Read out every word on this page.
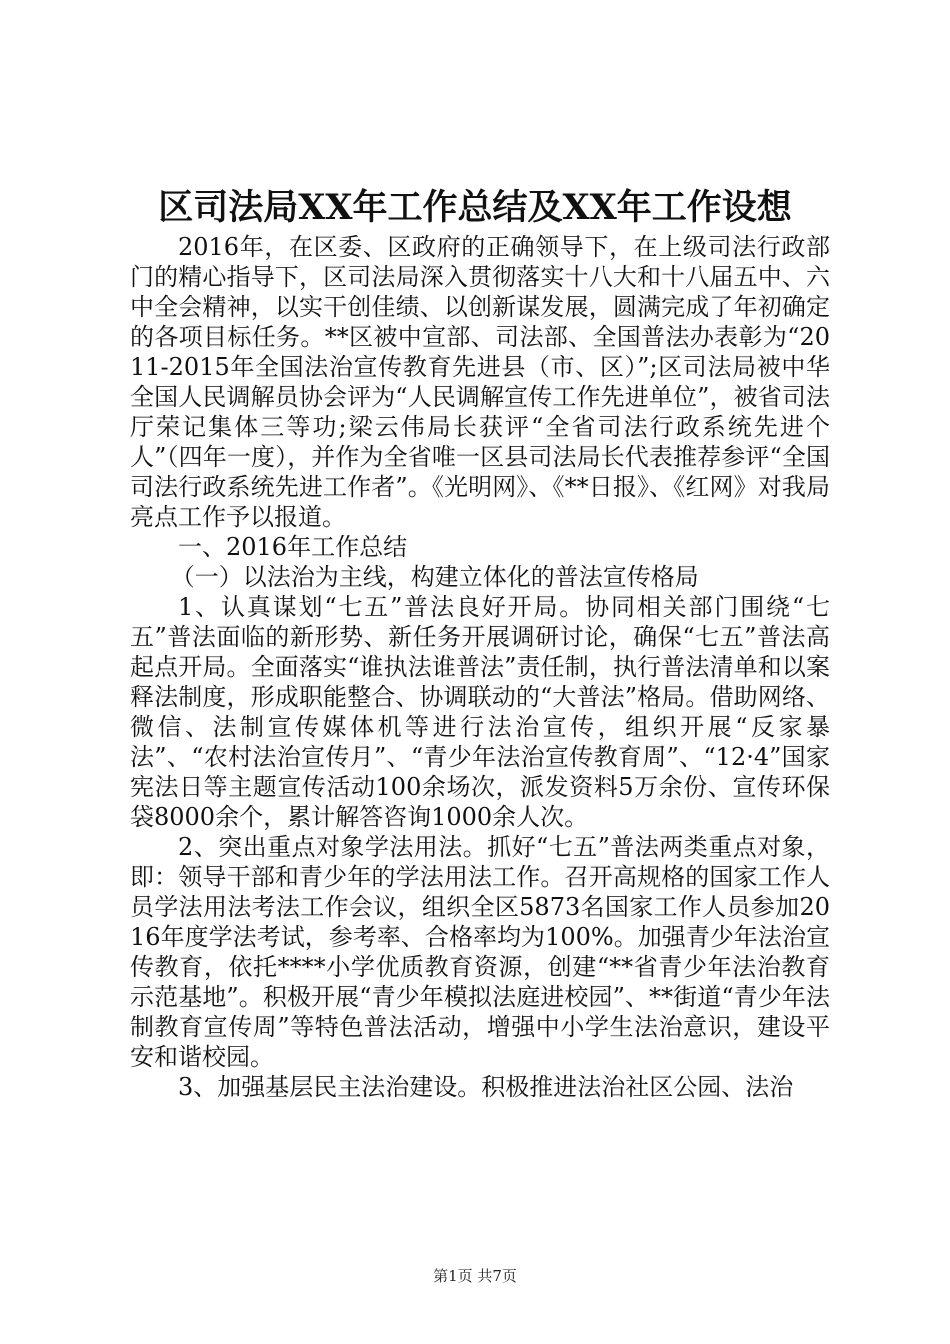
区司法局XX年工作总结及XX年工作设想

2016年，在区委、区政府的正确领导下，在上级司法行政部门的精心指导下，区司法局深入贯彻落实十八大和十八届五中、六中全会精神，以实干创佳绩、以创新谋发展，圆满完成了年初确定的各项目标任务。**区被中宣部、司法部、全国普法办表彰为“2011-2015年全国法治宣传教育先进县（市、区）”;区司法局被中华全国人民调解员协会评为“人民调解宣传工作先进单位”，被省司法厅荣记集体三等功;梁云伟局长获评“全省司法行政系统先进个人”（四年一度），并作为全省唯一区县司法局长代表推荐参评“全国司法行政系统先进工作者”。《光明网》、《**日报》、《红网》对我局亮点工作予以报道。

一、2016年工作总结

（一）以法治为主线，构建立体化的普法宣传格局

1、认真谋划“七五”普法良好开局。协同相关部门围绕“七五”普法面临的新形势、新任务开展调研讨论，确保“七五”普法高起点开局。全面落实“谁执法谁普法”责任制，执行普法清单和以案释法制度，形成职能整合、协调联动的“大普法”格局。借助网络、微信、法制宣传媒体机等进行法治宣传，组织开展“反家暴法”、“农村法治宣传月”、“青少年法治宣传教育周”、“12·4”国家宪法日等主题宣传活动100余场次，派发资料5万余份、宣传环保袋8000余个，累计解答咨询1000余人次。

2、突出重点对象学法用法。抓好“七五”普法两类重点对象，即：领导干部和青少年的学法用法工作。召开高规格的国家工作人员学法用法考法工作会议，组织全区5873名国家工作人员参加2016年度学法考试，参考率、合格率均为100%。加强青少年法治宣传教育，依托****小学优质教育资源，创建“**省青少年法治教育示范基地”。积极开展“青少年模拟法庭进校园”、**街道“青少年法制教育宣传周”等特色普法活动，增强中小学生法治意识，建设平安和谐校园。

3、加强基层民主法治建设。积极推进法治社区公园、法治

第1页 共7页
